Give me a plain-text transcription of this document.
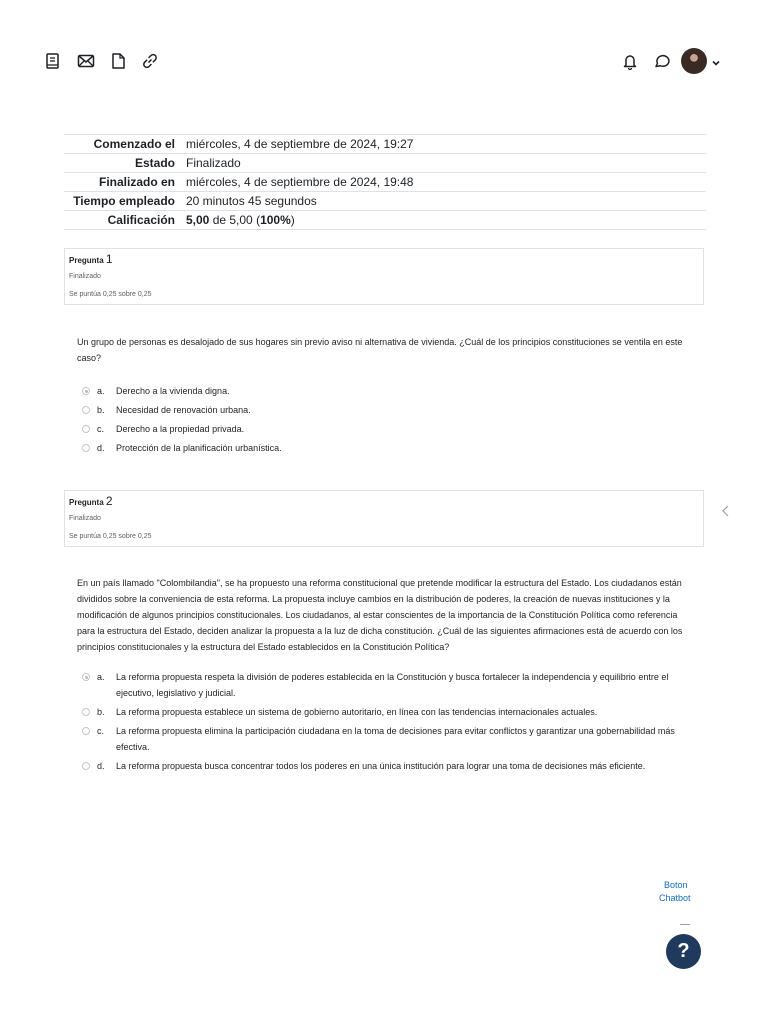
Comenzado el	miércoles, 4 de septiembre de 2024, 19:27
Estado	Finalizado
Finalizado en	miércoles, 4 de septiembre de 2024, 19:48
Tiempo empleado	20 minutos 45 segundos
Calificación	5,00 de 5,00 (100%)
Pregunta 1
Finalizado
Se puntúa 0,25 sobre 0,25
Un grupo de personas es desalojado de sus hogares sin previo aviso ni alternativa de vivienda. ¿Cuál de los principios constituciones se ventila en este caso?
a. Derecho a la vivienda digna.
b. Necesidad de renovación urbana.
c. Derecho a la propiedad privada.
d. Protección de la planificación urbanística.
Pregunta 2
Finalizado
Se puntúa 0,25 sobre 0,25
En un país llamado "Colombilandia", se ha propuesto una reforma constitucional que pretende modificar la estructura del Estado. Los ciudadanos están divididos sobre la conveniencia de esta reforma. La propuesta incluye cambios en la distribución de poderes, la creación de nuevas instituciones y la modificación de algunos principios constitucionales. Los ciudadanos, al estar conscientes de la importancia de la Constitución Política como referencia para la estructura del Estado, deciden analizar la propuesta a la luz de dicha constitución. ¿Cuál de las siguientes afirmaciones está de acuerdo con los principios constitucionales y la estructura del Estado establecidos en la Constitución Política?
a. La reforma propuesta respeta la división de poderes establecida en la Constitución y busca fortalecer la independencia y equilibrio entre el ejecutivo, legislativo y judicial.
b. La reforma propuesta establece un sistema de gobierno autoritario, en línea con las tendencias internacionales actuales.
c. La reforma propuesta elimina la participación ciudadana en la toma de decisiones para evitar conflictos y garantizar una gobernabilidad más efectiva.
d. La reforma propuesta busca concentrar todos los poderes en una única institución para lograr una toma de decisiones más eficiente.
Boton
Chatbot
?
